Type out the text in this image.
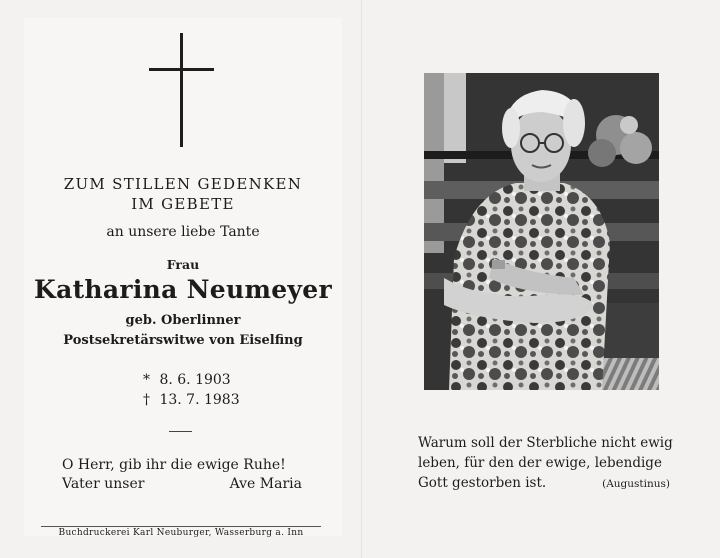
ZUM STILLEN GEDENKEN
IM GEBETE
an unsere liebe Tante
Frau
Katharina Neumeyer
geb. Oberlinner
Postsekretärswitwe von Eiselfing
* 8. 6. 1903
† 13. 7. 1983
O Herr, gib ihr die ewige Ruhe!
Vater unser	Ave Maria
Buchdruckerei Karl Neuburger, Wasserburg a. Inn
Warum soll der Sterbliche nicht ewig
leben, für den der ewige, lebendige
Gott gestorben ist.	(Augustinus)
